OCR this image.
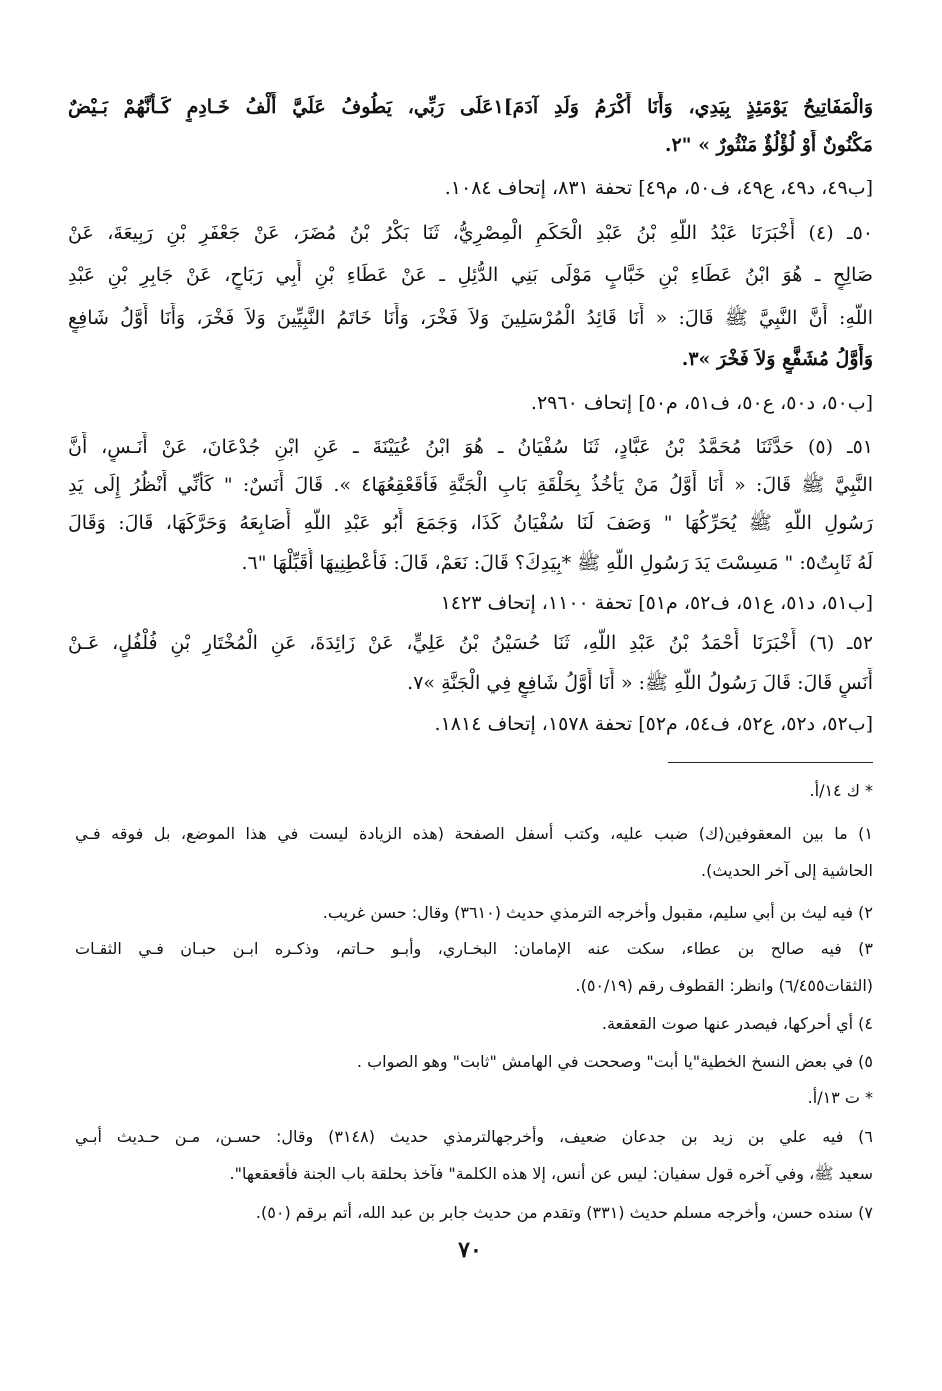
وَالْمَفَاتِيحُ يَوْمَئِذٍ بِيَدِي، وَأَنَا أَكْرَمُ وَلَدِ آدَمَ]١عَلَى رَبِّي، يَطُوفُ عَلَيَّ أَلْفُ خَـادِمٍ كَـأَنَّهُمْ بَـيْضٌ
مَكْنُونٌ أَوْ لُؤْلُؤٌ مَنْثُورٌ » "٢.
[ب٤٩، د٤٩، ع٤٩، ف٥٠، م٤٩] تحفة ٨٣١، إتحاف ١٠٨٤.
٥٠ـ (٤) أَخْبَرَنَا عَبْدُ اللَّهِ بْنُ عَبْدِ الْحَكَمِ الْمِصْرِيُّ، ثَنَا بَكْرُ بْنُ مُضَرَ، عَنْ جَعْفَرِ بْنِ رَبِيعَةَ، عَنْ
صَالِحٍ ـ هُوَ ابْنُ عَطَاءِ بْنِ خَبَّابٍ مَوْلَى بَنِي الدُّئِلِ ـ عَنْ عَطَاءِ بْنِ أَبِي رَبَاحٍ، عَنْ جَابِرِ بْنِ عَبْدِ
اللَّهِ: أَنَّ النَّبِيَّ ﷺ قَالَ: « أَنَا قَائِدُ الْمُرْسَلِينَ وَلاَ فَخْرَ، وَأَنَا خَاتَمُ النَّبِيِّينَ وَلاَ فَخْرَ، وَأَنَا أَوَّلُ شَافِعٍ
وَأَوَّلُ مُشَفَّعٍ وَلاَ فَخْرَ »٣.
[ب٥٠، د٥٠، ع٥٠، ف٥١، م٥٠] إتحاف ٢٩٦٠.
٥١ـ (٥) حَدَّثَنَا مُحَمَّدُ بْنُ عَبَّادٍ، ثَنَا سُفْيَانُ ـ هُوَ ابْنُ عُيَيْنَةَ ـ عَنِ ابْنِ جُدْعَانَ، عَنْ أَنَـسٍ، أَنَّ
النَّبِيَّ ﷺ قَالَ: « أَنَا أَوَّلُ مَنْ يَأْخُذُ بِحَلْقَةِ بَابِ الْجَنَّةِ فَأُقَعْقِعُهَا٤ ». قَالَ أَنَسٌ: " كَأَنِّي أَنْظُرُ إِلَى يَدِ
رَسُولِ اللَّهِ ﷺ يُحَرِّكُهَا " وَصَفَ لَنَا سُفْيَانُ كَذَا، وَجَمَعَ أَبُو عَبْدِ اللَّهِ أَصَابِعَهُ وَحَرَّكَهَا، قَالَ: وَقَالَ
لَهُ ثَابِتٌ٥: " مَسِسْتَ يَدَ رَسُولِ اللَّهِ ﷺ *بِيَدِكَ؟ قَالَ: نَعَمْ، قَالَ: فَأَعْطِنِيهَا أُقَبِّلْهَا "٦.
[ب٥١، د٥١، ع٥١، ف٥٢، م٥١] تحفة ١١٠٠، إتحاف ١٤٢٣
٥٢ـ (٦) أَخْبَرَنَا أَحْمَدُ بْنُ عَبْدِ اللَّهِ، ثَنَا حُسَيْنُ بْنُ عَلِيٍّ، عَنْ زَائِدَةَ، عَنِ الْمُخْتَارِ بْنِ فُلْفُلٍ، عَـنْ
أَنَسٍ قَالَ: قَالَ رَسُولُ اللَّهِ ﷺ: « أَنَا أَوَّلُ شَافِعٍ فِي الْجَنَّةِ »٧.
[ب٥٢، د٥٢، ع٥٢، ف٥٤، م٥٢] تحفة ١٥٧٨، إتحاف ١٨١٤.
* ك ١٤/أ.
١) ما بين المعقوفين(ك) ضبب عليه، وكتب أسفل الصفحة (هذه الزيادة ليست في هذا الموضع، بل فوقه فـي
الحاشية إلى آخر الحديث).
٢) فيه ليث بن أبي سليم، مقبول وأخرجه الترمذي حديث (٣٦١٠) وقال: حسن غريب.
٣) فيه صالح بن عطاء، سكت عنه الإمامان: البخـاري، وأبـو حـاتم، وذكـره ابـن حبـان فـي الثقـات
(الثقات٦/٤٥٥) وانظر: القطوف رقم (٥٠/١٩).
٤) أي أحركها، فيصدر عنها صوت القعقعة.
٥) في بعض النسخ الخطية"يا أبت" وصححت في الهامش "ثابت" وهو الصواب .
* ت ١٣/أ.
٦) فيه علي بن زيد بن جدعان ضعيف، وأخرجهالترمذي حديث (٣١٤٨) وقال: حسـن، مـن حـديث أبـي
سعيد ﷺ، وفي آخره قول سفيان: ليس عن أنس، إلا هذه الكلمة" فآخذ بحلقة باب الجنة فأقعقعها".
٧) سنده حسن، وأخرجه مسلم حديث (٣٣١) وتقدم من حديث جابر بن عبد الله، أتم برقم (٥٠).
٧٠
